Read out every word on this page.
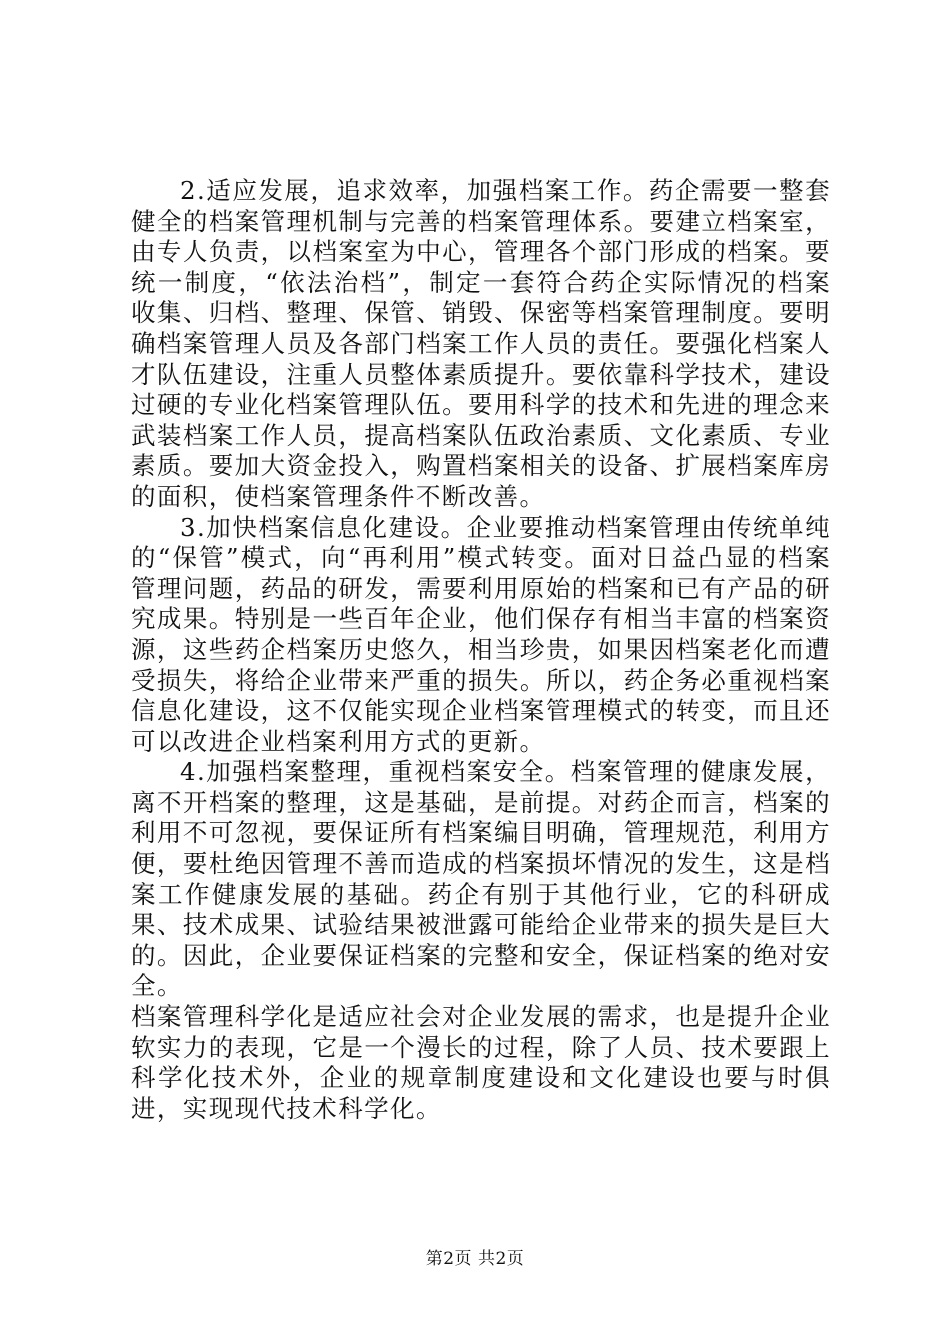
2.适应发展，追求效率，加强档案工作。药企需要一整套健全的档案管理机制与完善的档案管理体系。要建立档案室，由专人负责，以档案室为中心，管理各个部门形成的档案。要统一制度，“依法治档”，制定一套符合药企实际情况的档案收集、归档、整理、保管、销毁、保密等档案管理制度。要明确档案管理人员及各部门档案工作人员的责任。要强化档案人才队伍建设，注重人员整体素质提升。要依靠科学技术，建设过硬的专业化档案管理队伍。要用科学的技术和先进的理念来武装档案工作人员，提高档案队伍政治素质、文化素质、专业素质。要加大资金投入，购置档案相关的设备、扩展档案库房的面积，使档案管理条件不断改善。

3.加快档案信息化建设。企业要推动档案管理由传统单纯的“保管”模式，向“再利用”模式转变。面对日益凸显的档案管理问题，药品的研发，需要利用原始的档案和已有产品的研究成果。特别是一些百年企业，他们保存有相当丰富的档案资源，这些药企档案历史悠久，相当珍贵，如果因档案老化而遭受损失，将给企业带来严重的损失。所以，药企务必重视档案信息化建设，这不仅能实现企业档案管理模式的转变，而且还可以改进企业档案利用方式的更新。

4.加强档案整理，重视档案安全。档案管理的健康发展，离不开档案的整理，这是基础，是前提。对药企而言，档案的利用不可忽视，要保证所有档案编目明确，管理规范，利用方便，要杜绝因管理不善而造成的档案损坏情况的发生，这是档案工作健康发展的基础。药企有别于其他行业，它的科研成果、技术成果、试验结果被泄露可能给企业带来的损失是巨大的。因此，企业要保证档案的完整和安全，保证档案的绝对安全。

档案管理科学化是适应社会对企业发展的需求，也是提升企业软实力的表现，它是一个漫长的过程，除了人员、技术要跟上科学化技术外，企业的规章制度建设和文化建设也要与时俱进，实现现代技术科学化。

第2页 共2页
